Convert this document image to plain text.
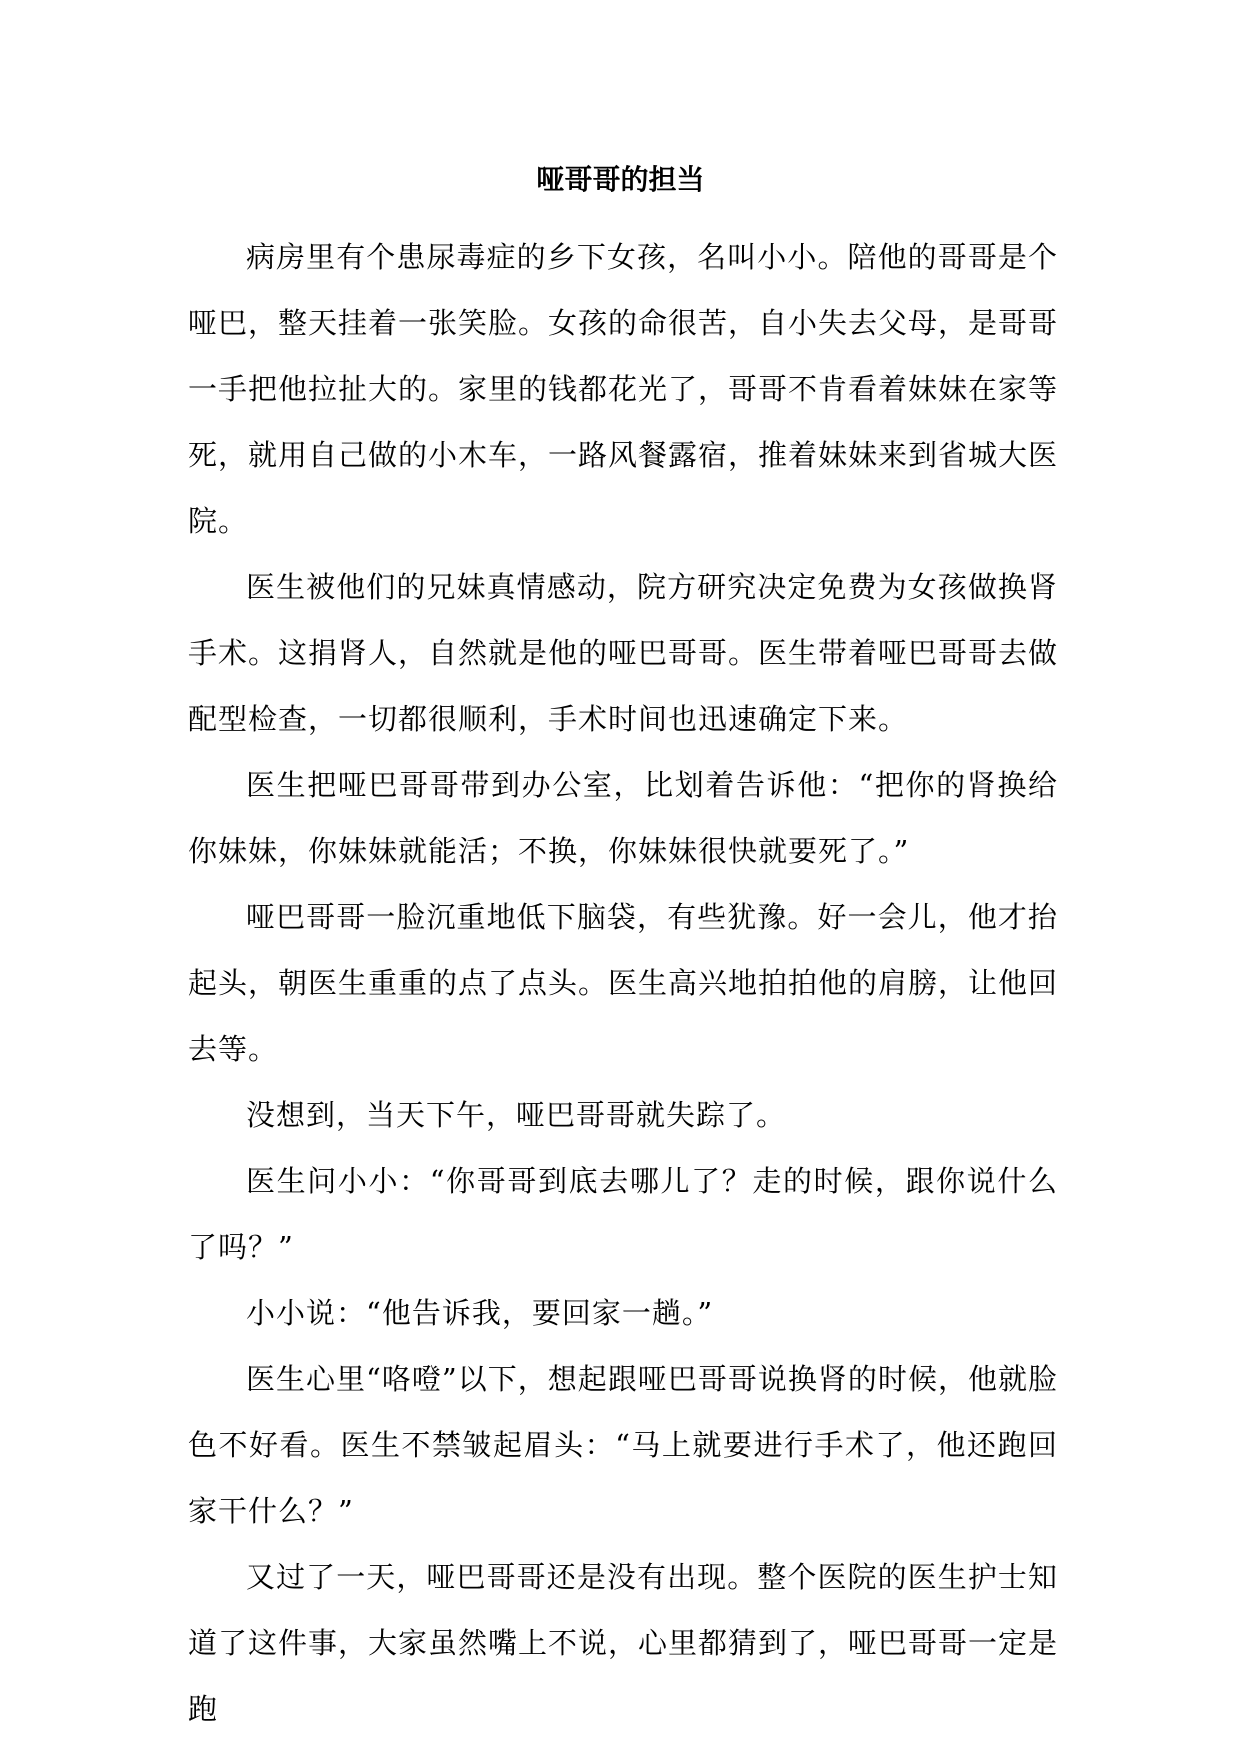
哑哥哥的担当

病房里有个患尿毒症的乡下女孩，名叫小小。陪他的哥哥是个哑巴，整天挂着一张笑脸。女孩的命很苦，自小失去父母，是哥哥一手把他拉扯大的。家里的钱都花光了，哥哥不肯看着妹妹在家等死，就用自己做的小木车，一路风餐露宿，推着妹妹来到省城大医院。

医生被他们的兄妹真情感动，院方研究决定免费为女孩做换肾手术。这捐肾人，自然就是他的哑巴哥哥。医生带着哑巴哥哥去做配型检查，一切都很顺利，手术时间也迅速确定下来。

医生把哑巴哥哥带到办公室，比划着告诉他：“把你的肾换给你妹妹，你妹妹就能活；不换，你妹妹很快就要死了。”

哑巴哥哥一脸沉重地低下脑袋，有些犹豫。好一会儿，他才抬起头，朝医生重重的点了点头。医生高兴地拍拍他的肩膀，让他回去等。

没想到，当天下午，哑巴哥哥就失踪了。

医生问小小：“你哥哥到底去哪儿了？走的时候，跟你说什么了吗？”

小小说：“他告诉我，要回家一趟。”

医生心里“咯噔”以下，想起跟哑巴哥哥说换肾的时候，他就脸色不好看。医生不禁皱起眉头：“马上就要进行手术了，他还跑回家干什么？”

又过了一天，哑巴哥哥还是没有出现。整个医院的医生护士知道了这件事，大家虽然嘴上不说，心里都猜到了，哑巴哥哥一定是跑
